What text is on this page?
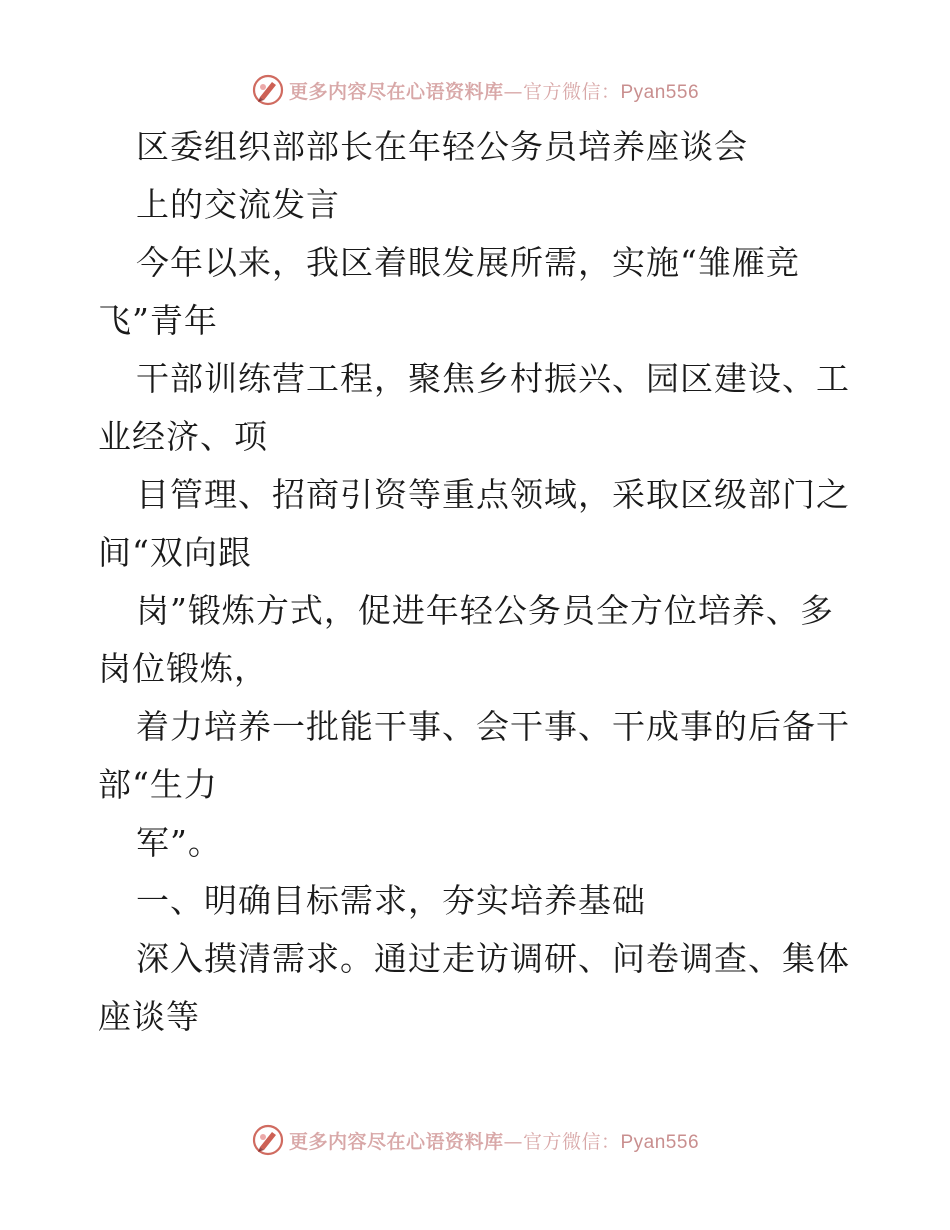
更多内容尽在心语资料库—官方微信：Pyan556
区委组织部部长在年轻公务员培养座谈会
上的交流发言
今年以来，我区着眼发展所需，实施“雏雁竞
飞”青年
干部训练营工程，聚焦乡村振兴、园区建设、工
业经济、项
目管理、招商引资等重点领域，采取区级部门之
间“双向跟
岗”锻炼方式，促进年轻公务员全方位培养、多
岗位锻炼，
着力培养一批能干事、会干事、干成事的后备干
部“生力
军”。
一、明确目标需求，夯实培养基础
深入摸清需求。通过走访调研、问卷调查、集体
座谈等
更多内容尽在心语资料库—官方微信：Pyan556
